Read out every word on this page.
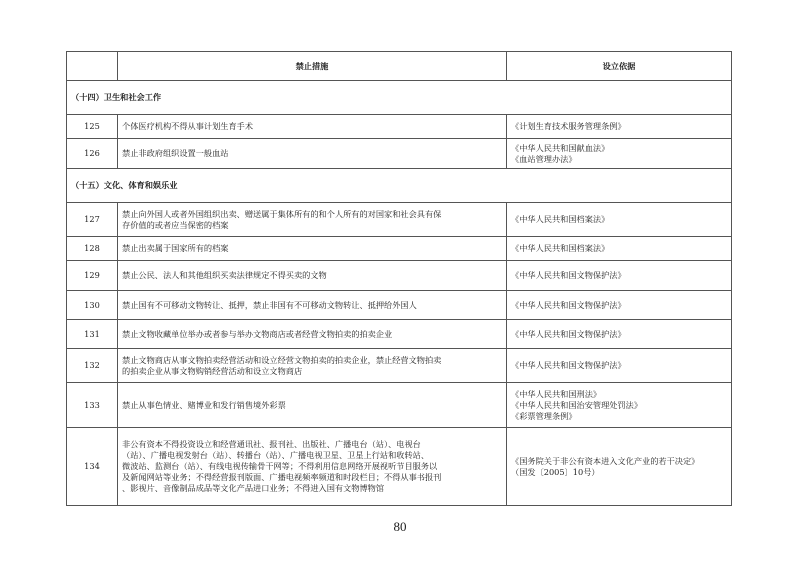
	禁止措施	设立依据
（十四）卫生和社会工作		
125	个体医疗机构不得从事计划生育手术	《计划生育技术服务管理条例》

126	禁止非政府组织设置一般血站	《中华人民共和国献血法》
《血站管理办法》

（十五）文化、体育和娱乐业		
127	禁止向外国人或者外国组织出卖、赠送属于集体所有的和个人所有的对国家和社会具有保
存价值的或者应当保密的档案	《中华人民共和国档案法》

128	禁止出卖属于国家所有的档案	《中华人民共和国档案法》

129	禁止公民、法人和其他组织买卖法律规定不得买卖的文物	《中华人民共和国文物保护法》

130	禁止国有不可移动文物转让、抵押，禁止非国有不可移动文物转让、抵押给外国人	《中华人民共和国文物保护法》

131	禁止文物收藏单位举办或者参与举办文物商店或者经营文物拍卖的拍卖企业	《中华人民共和国文物保护法》

132	禁止文物商店从事文物拍卖经营活动和设立经营文物拍卖的拍卖企业，禁止经营文物拍卖
的拍卖企业从事文物购销经营活动和设立文物商店	《中华人民共和国文物保护法》

133	禁止从事色情业、赌博业和发行销售境外彩票	《中华人民共和国刑法》
《中华人民共和国治安管理处罚法》
《彩票管理条例》

134	非公有资本不得投资设立和经营通讯社、报刊社、出版社、广播电台（站）、电视台
（站）、广播电视发射台（站）、转播台（站）、广播电视卫星、卫星上行站和收转站、
微波站、监测台（站）、有线电视传输骨干网等；不得利用信息网络开展视听节目服务以
及新闻网站等业务；不得经营报刊版面、广播电视频率频道和时段栏目；不得从事书报刊
、影视片、音像制品成品等文化产品进口业务；不得进入国有文物博物馆	《国务院关于非公有资本进入文化产业的若干决定》
（国发〔2005〕10号）
80
